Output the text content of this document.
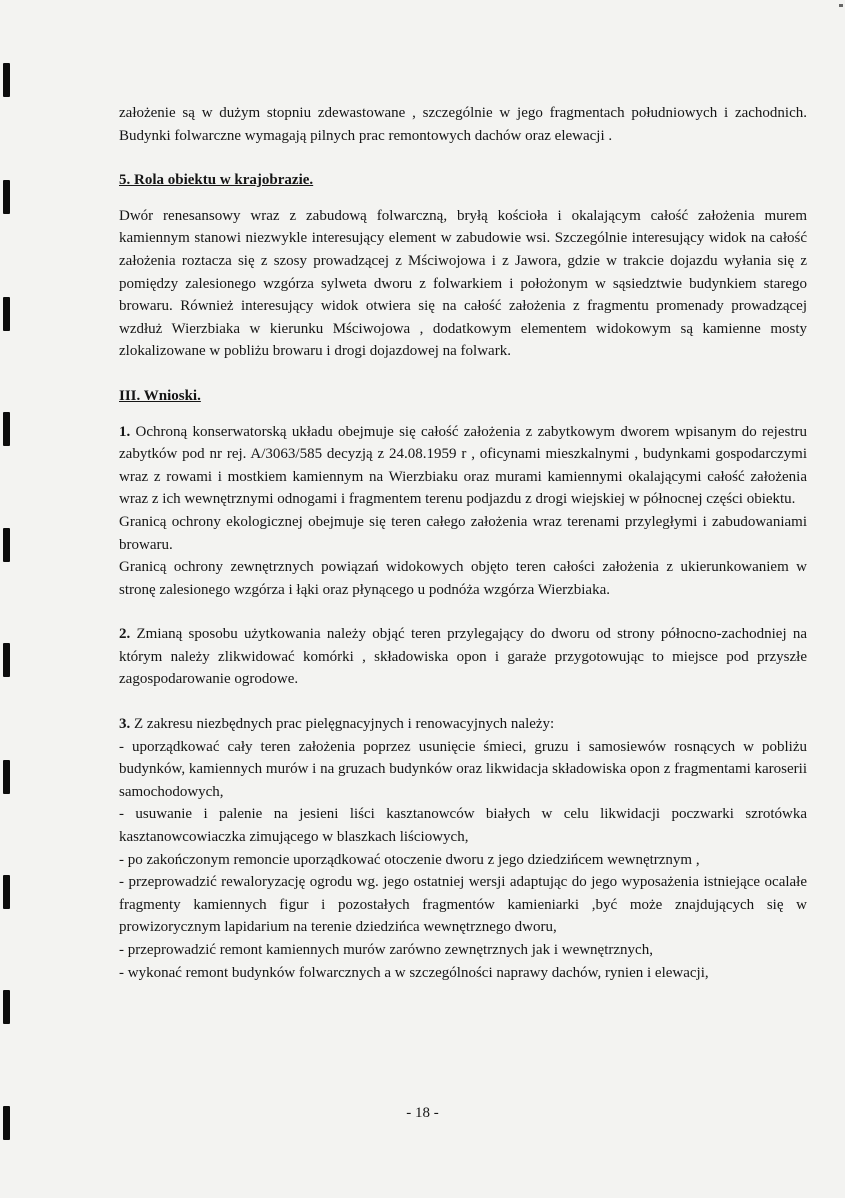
założenie są w dużym stopniu zdewastowane , szczególnie w jego fragmentach południowych i zachodnich. Budynki folwarczne wymagają pilnych prac remontowych dachów oraz elewacji .

5. Rola obiektu w krajobrazie.

Dwór renesansowy wraz z zabudową folwarczną, bryłą kościoła i okalającym całość założenia murem kamiennym stanowi niezwykle interesujący element w zabudowie wsi. Szczególnie interesujący widok na całość założenia roztacza się z szosy prowadzącej z Mściwojowa i z Jawora, gdzie w trakcie dojazdu wyłania się z pomiędzy zalesionego wzgórza sylweta dworu z folwarkiem i położonym w sąsiedztwie budynkiem starego browaru. Również interesujący widok otwiera się na całość założenia z fragmentu promenady prowadzącej wzdłuż Wierzbiaka w kierunku Mściwojowa , dodatkowym elementem widokowym są kamienne mosty zlokalizowane w pobliżu browaru i drogi dojazdowej na folwark.

III. Wnioski.

1. Ochroną konserwatorską układu obejmuje się całość założenia z zabytkowym dworem wpisanym do rejestru zabytków pod nr rej. A/3063/585 decyzją z 24.08.1959 r , oficynami mieszkalnymi , budynkami gospodarczymi wraz z rowami i mostkiem kamiennym na Wierzbiaku oraz murami kamiennymi okalającymi całość założenia wraz z ich wewnętrznymi odnogami i fragmentem terenu podjazdu z drogi wiejskiej w północnej części obiektu.

Granicą ochrony ekologicznej obejmuje się teren całego założenia wraz terenami przyległymi i zabudowaniami browaru.

Granicą ochrony zewnętrznych powiązań widokowych objęto teren całości założenia z ukierunkowaniem w stronę zalesionego wzgórza i łąki oraz płynącego u podnóża wzgórza Wierzbiaka.

2. Zmianą sposobu użytkowania należy objąć teren przylegający do dworu od strony północno-zachodniej na którym należy zlikwidować komórki , składowiska opon i garaże przygotowując to miejsce pod przyszłe zagospodarowanie ogrodowe.

3. Z zakresu niezbędnych prac pielęgnacyjnych i renowacyjnych należy:

- uporządkować cały teren założenia poprzez usunięcie śmieci, gruzu i samosiewów rosnących w pobliżu budynków, kamiennych murów i na gruzach budynków oraz likwidacja składowiska opon z fragmentami karoserii samochodowych,

- usuwanie i palenie na jesieni liści kasztanowców białych w celu likwidacji poczwarki szrotówka kasztanowcowiaczka zimującego w blaszkach liściowych,

- po zakończonym remoncie uporządkować otoczenie dworu z jego dziedzińcem wewnętrznym ,

- przeprowadzić rewaloryzację ogrodu wg. jego ostatniej wersji adaptując do jego wyposażenia istniejące ocalałe fragmenty kamiennych figur i pozostałych fragmentów kamieniarki ,być może znajdujących się w prowizorycznym lapidarium na terenie dziedzińca wewnętrznego dworu,

- przeprowadzić remont kamiennych murów zarówno zewnętrznych jak i wewnętrznych,

- wykonać remont budynków folwarcznych a w szczególności naprawy dachów, rynien i elewacji,

- 18 -
